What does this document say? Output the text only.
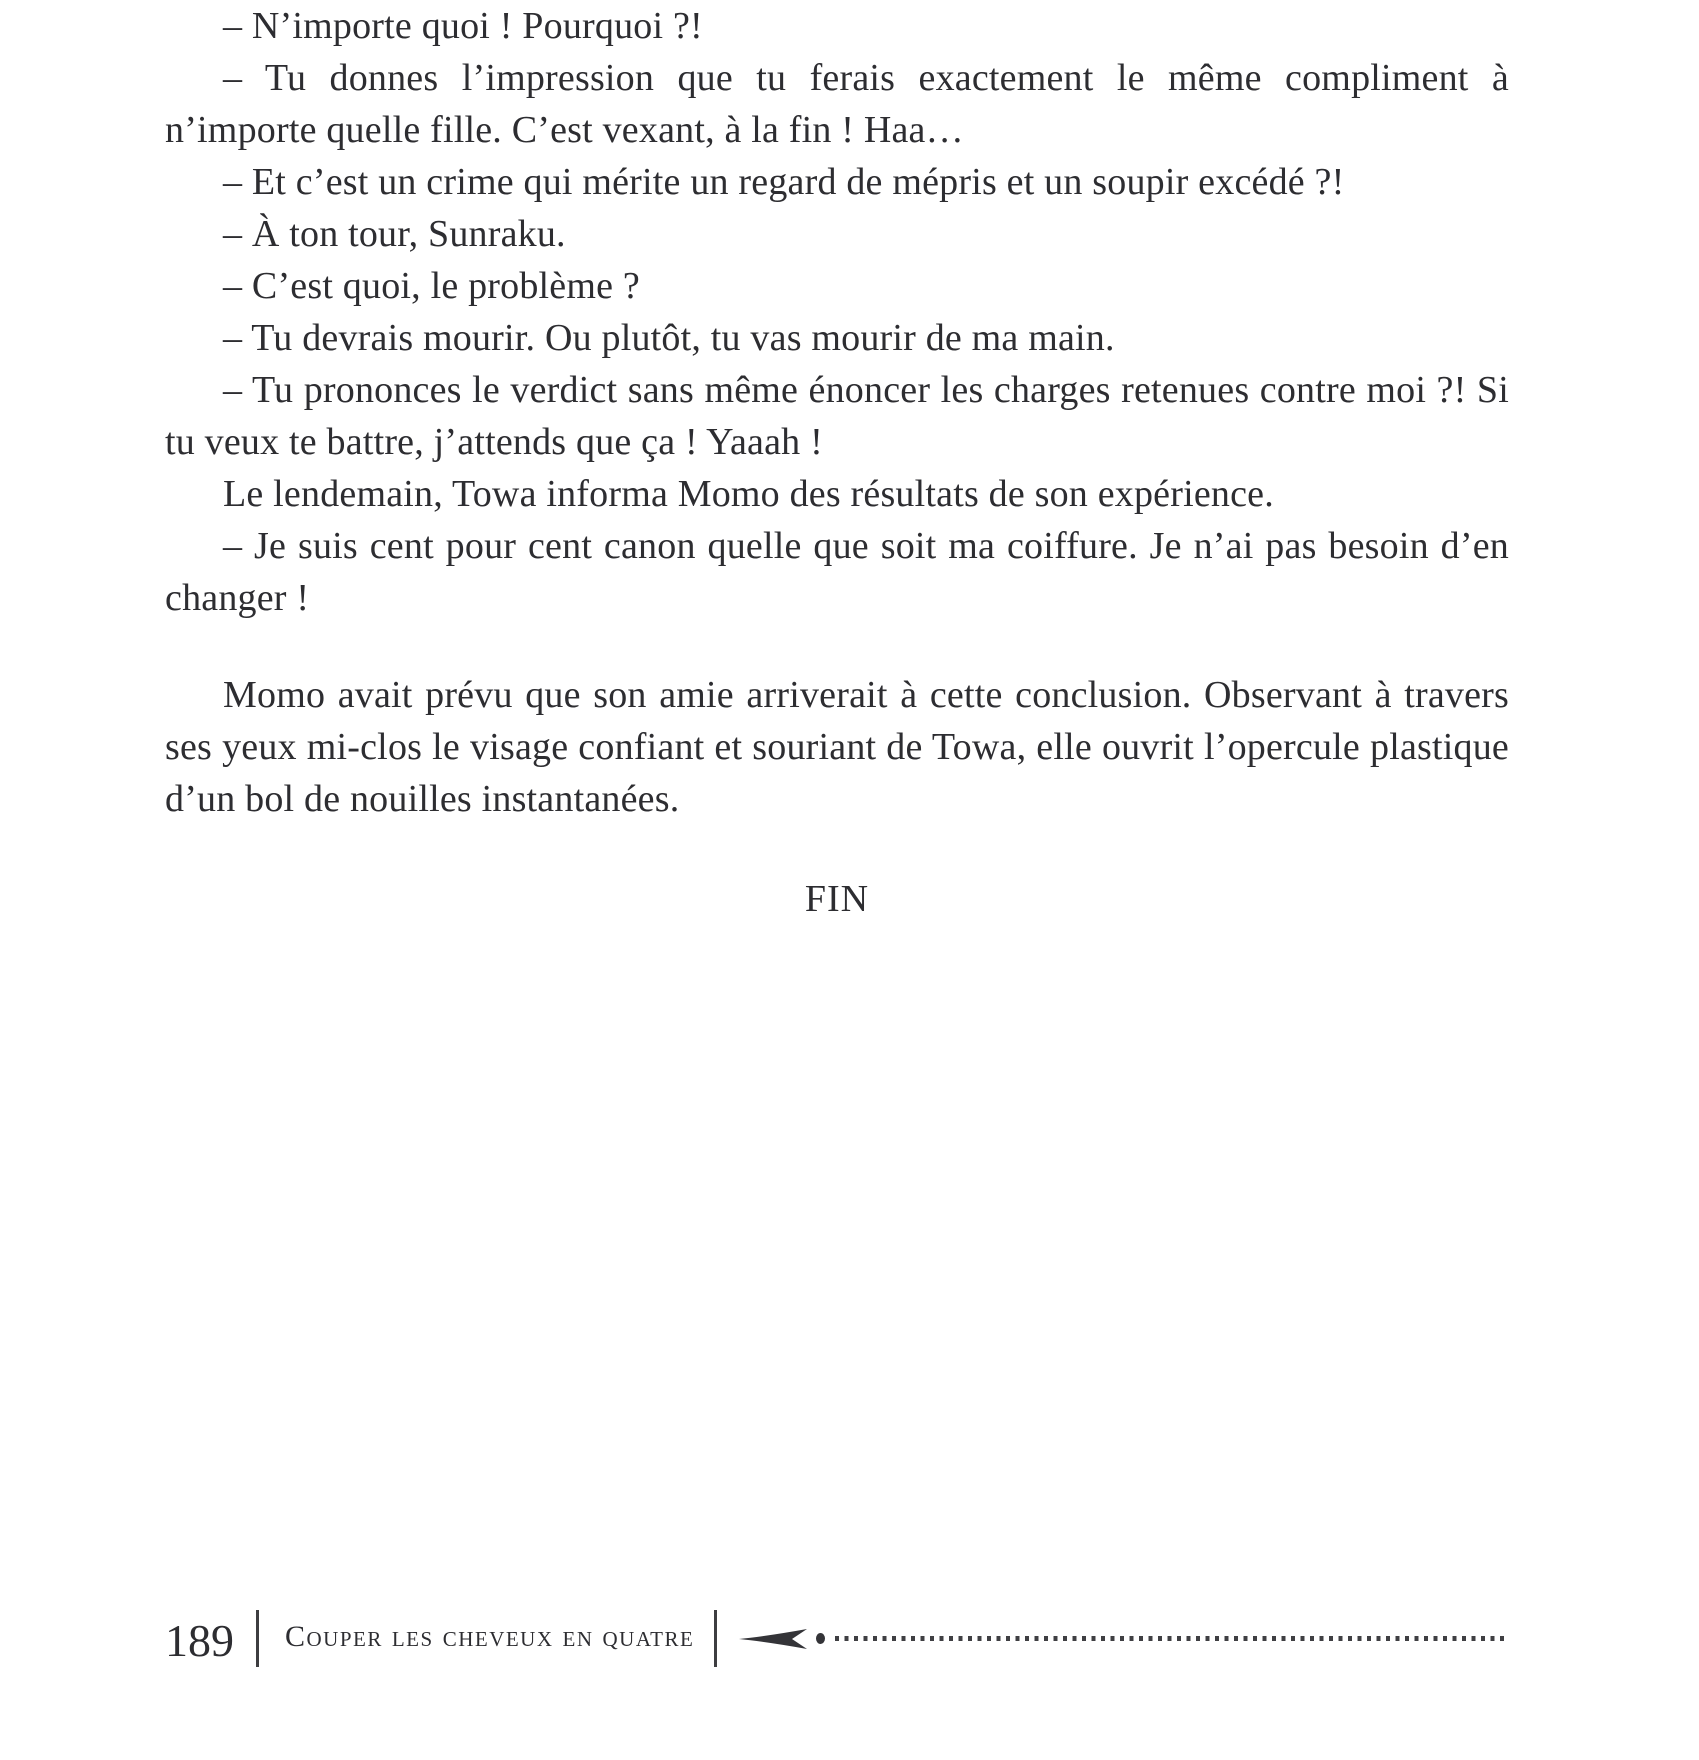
– N’importe quoi ! Pourquoi ?!

– Tu donnes l’impression que tu ferais exactement le même compliment à n’importe quelle fille. C’est vexant, à la fin ! Haa…

– Et c’est un crime qui mérite un regard de mépris et un soupir excédé ?!

– À ton tour, Sunraku.

– C’est quoi, le problème ?

– Tu devrais mourir. Ou plutôt, tu vas mourir de ma main.

– Tu prononces le verdict sans même énoncer les charges retenues contre moi ?! Si tu veux te battre, j’attends que ça ! Yaaah !

Le lendemain, Towa informa Momo des résultats de son expérience.

– Je suis cent pour cent canon quelle que soit ma coiffure. Je n’ai pas besoin d’en changer !

Momo avait prévu que son amie arriverait à cette conclusion. Observant à travers ses yeux mi-clos le visage confiant et souriant de Towa, elle ouvrit l’opercule plastique d’un bol de nouilles instantanées.

FIN
189 Couper les cheveux en quatre
